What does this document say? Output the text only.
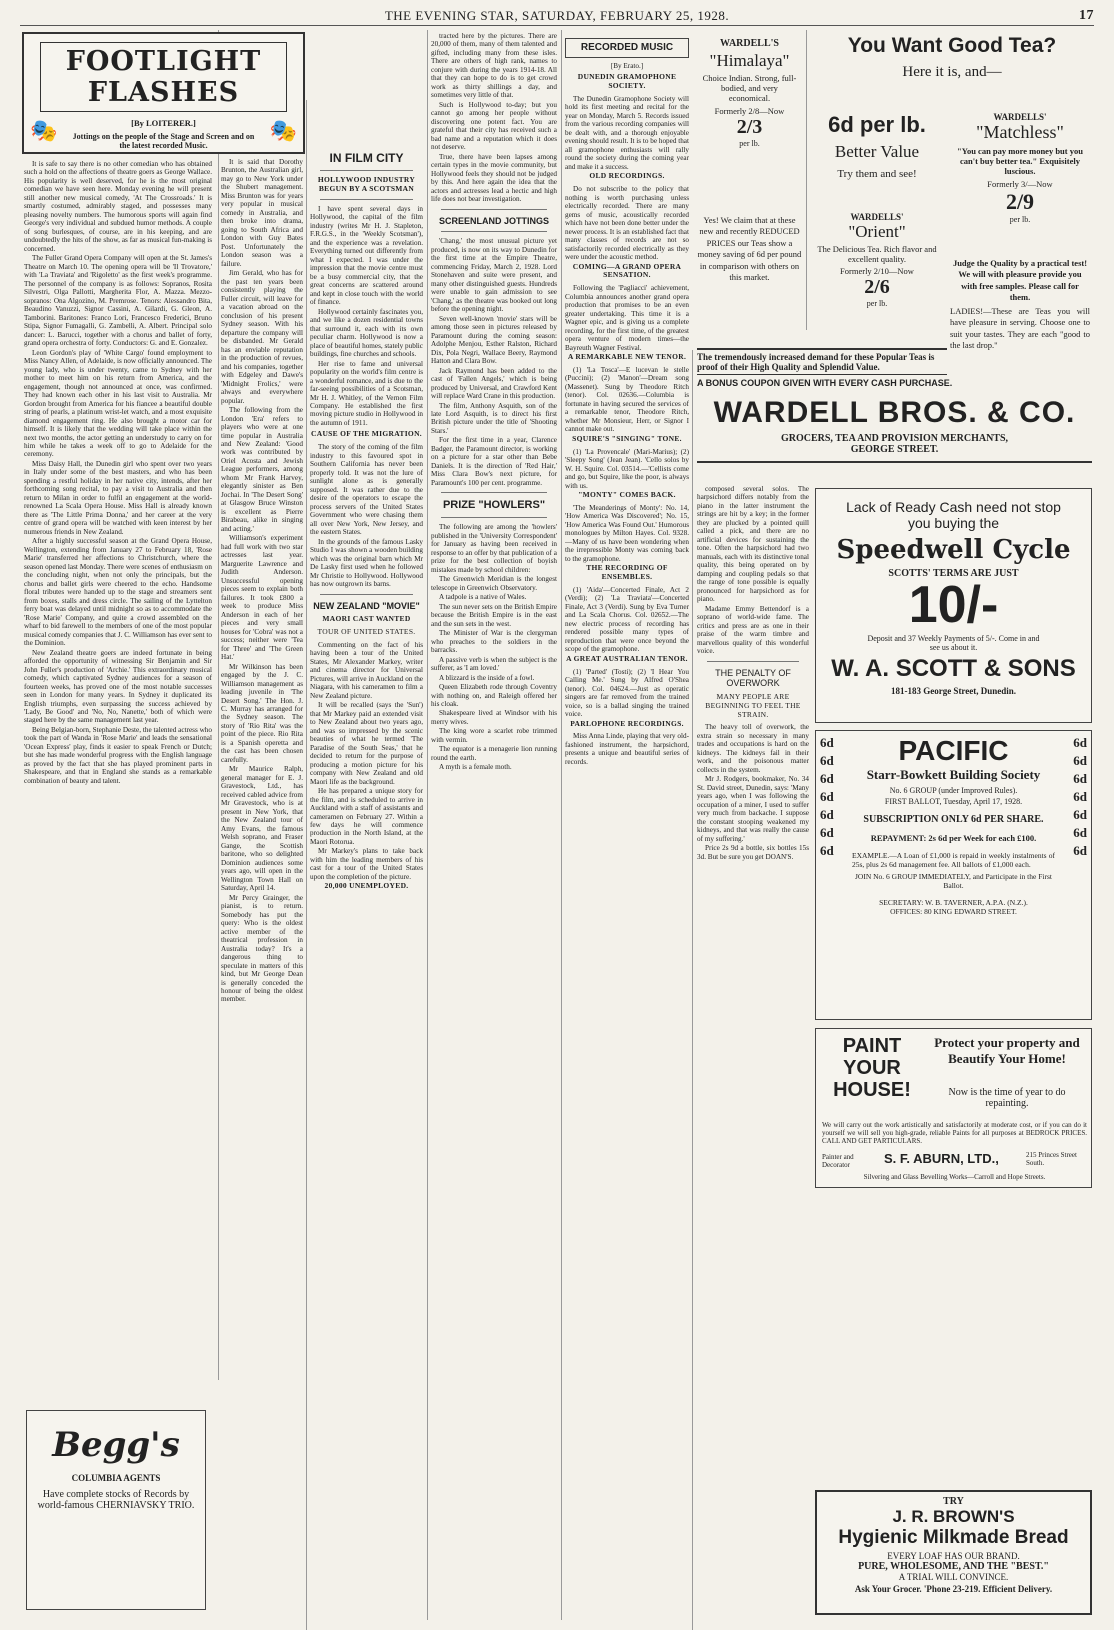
THE EVENING STAR, SATURDAY, FEBRUARY 25, 1928.	17
FOOTLIGHT FLASHES
[By LOITERER.]
Jottings on the people of the Stage and Screen and on the latest recorded Music.
🎭	🎭

It is safe to say there is no other comedian who has obtained such a hold on the affections of theatre goers as George Wallace. His popularity is well deserved, for he is the most original comedian we have seen here. Monday evening he will present still another new musical comedy, 'At The Crossroads.' It is smartly costumed, admirably staged, and possesses many pleasing novelty numbers. The humorous sports will again find George's very individual and subdued humor methods. A couple of song burlesques, of course, are in his keeping, and are undoubtedly the hits of the show, as far as musical fun-making is concerned.

The Fuller Grand Opera Company will open at the St. James's Theatre on March 10. The opening opera will be 'Il Trovatore,' with 'La Traviata' and 'Rigoletto' as the first week's programme. The personnel of the company is as follows: Sopranos, Rosita Silvestri, Olga Pallotti, Margherita Flor, A. Mazza. Mezzo-sopranos: Ona Algozino, M. Premrose. Tenors: Alessandro Bita, Beaudino Vanuzzi, Signor Cassini, A. Gilardi, G. Gleon, A. Tamborini. Baritones: Franco Lori, Francesco Frederici, Bruno Stipa, Signor Fumagalli, G. Zambelli, A. Albert. Principal solo dancer: L. Barucci, together with a chorus and ballet of forty, grand opera orchestra of forty. Conductors: G. and E. Gonzalez.

Leon Gordon's play of 'White Cargo' found employment to Miss Nancy Allen, of Adelaide, is now officially announced. The young lady, who is under twenty, came to Sydney with her mother to meet him on his return from America, and the engagement, though not announced at once, was confirmed. They had known each other in his last visit to Australia. Mr Gordon brought from America for his fiancee a beautiful double string of pearls, a platinum wrist-let watch, and a most exquisite diamond engagement ring. He also brought a motor car for himself. It is likely that the wedding will take place within the next two months, the actor getting an understudy to carry on for him while he takes a week off to go to Adelaide for the ceremony.

Miss Daisy Hall, the Dunedin girl who spent over two years in Italy under some of the best masters, and who has been spending a restful holiday in her native city, intends, after her forthcoming song recital, to pay a visit to Australia and then return to Milan in order to fulfil an engagement at the world-renowned La Scala Opera House. Miss Hall is already known there as 'The Little Prima Donna,' and her career at the very centre of grand opera will be watched with keen interest by her numerous friends in New Zealand.

After a highly successful season at the Grand Opera House, Wellington, extending from January 27 to February 18, 'Rose Marie' transferred her affections to Christchurch, where the season opened last Monday. There were scenes of enthusiasm on the concluding night, when not only the principals, but the chorus and ballet girls were cheered to the echo. Handsome floral tributes were handed up to the stage and streamers sent from boxes, stalls and dress circle. The sailing of the Lyttelton ferry boat was delayed until midnight so as to accommodate the 'Rose Marie' Company, and quite a crowd assembled on the wharf to bid farewell to the members of one of the most popular musical comedy companies that J. C. Williamson has ever sent to the Dominion.

New Zealand theatre goers are indeed fortunate in being afforded the opportunity of witnessing Sir Benjamin and Sir John Fuller's production of 'Archie.' This extraordinary musical comedy, which captivated Sydney audiences for a season of fourteen weeks, has proved one of the most notable successes seen in London for many years. In Sydney it duplicated its English triumphs, even surpassing the success achieved by 'Lady, Be Good' and 'No, No, Nanette,' both of which were staged here by the same management last year.

Being Belgian-born, Stephanie Deste, the talented actress who took the part of Wanda in 'Rose Marie' and leads the sensational 'Ocean Express' play, finds it easier to speak French or Dutch; but she has made wonderful progress with the English language as proved by the fact that she has played prominent parts in Shakespeare, and that in England she stands as a remarkable combination of beauty and talent.

Begg's
COLUMBIA AGENTS
Have complete stocks of Records by world-famous CHERNIAVSKY TRIO.

It is said that Dorothy Brunton, the Australian girl, may go to New York under the Shubert management. Miss Brunton was for years very popular in musical comedy in Australia, and then broke into drama, going to South Africa and London with Guy Bates Post. Unfortunately the London season was a failure.

Jim Gerald, who has for the past ten years been consistently playing the Fuller circuit, will leave for a vacation abroad on the conclusion of his present Sydney season. With his departure the company will be disbanded. Mr Gerald has an enviable reputation in the production of revues, and his companies, together with Edgeley and Dawe's 'Midnight Frolics,' were always and everywhere popular.

The following from the London 'Era' refers to players who were at one time popular in Australia and New Zealand: 'Good work was contributed by Oriel Acosta and Jewish League performers, among whom Mr Frank Harvey, elegantly sinister as Ben Jochai. In 'The Desert Song' at Glasgow Bruce Winston is excellent as Pierre Birabeau, alike in singing and acting.'

Williamson's experiment had full work with two star actresses last year. Marguerite Lawrence and Judith Anderson. Unsuccessful opening pieces seem to explain both failures. It took £800 a week to produce Miss Anderson in each of her pieces and very small houses for 'Cobra' was not a success; neither were 'Tea for Three' and 'The Green Hat.'

Mr Wilkinson has been engaged by the J. C. Williamson management as leading juvenile in 'The Desert Song.' The Hon. J. C. Murray has arranged for the Sydney season. The story of 'Rio Rita' was the point of the piece. Rio Rita is a Spanish operetta and the cast has been chosen carefully.

Mr Maurice Ralph, general manager for E. J. Gravestock, Ltd., has received cabled advice from Mr Gravestock, who is at present in New York, that the New Zealand tour of Amy Evans, the famous Welsh soprano, and Fraser Gange, the Scottish baritone, who so delighted Dominion audiences some years ago, will open in the Wellington Town Hall on Saturday, April 14.

Mr Percy Grainger, the pianist, is to return. Somebody has put the query: Who is the oldest active member of the theatrical profession in Australia today? It's a dangerous thing to speculate in matters of this kind, but Mr George Dean is generally conceded the honour of being the oldest member.

IN FILM CITY
HOLLYWOOD INDUSTRY BEGUN BY A SCOTSMAN

I have spent several days in Hollywood, the capital of the film industry (writes Mr H. J. Stapleton, F.R.G.S., in the 'Weekly Scotsman'), and the experience was a revelation. Everything turned out differently from what I expected. I was under the impression that the movie centre must be a busy commercial city, that the great concerns are scattered around and kept in close touch with the world of finance.

Hollywood certainly fascinates you, and we like a dozen residential towns that surround it, each with its own peculiar charm. Hollywood is now a place of beautiful homes, stately public buildings, fine churches and schools.

Her rise to fame and universal popularity on the world's film centre is a wonderful romance, and is due to the far-seeing possibilities of a Scotsman, Mr H. J. Whitley, of the Vernon Film Company. He established the first moving picture studio in Hollywood in the autumn of 1911.

CAUSE OF THE MIGRATION.

The story of the coming of the film industry to this favoured spot in Southern California has never been properly told. It was not the lure of sunlight alone as is generally supposed. It was rather due to the desire of the operators to escape the process servers of the United States Government who were chasing them all over New York, New Jersey, and the eastern States.

In the grounds of the famous Lasky Studio I was shown a wooden building which was the original barn which Mr De Lasky first used when he followed Mr Christie to Hollywood. Hollywood has now outgrown its barns.

NEW ZEALAND "MOVIE"
MAORI CAST WANTED
TOUR OF UNITED STATES.

Commenting on the fact of his having been a tour of the United States, Mr Alexander Markey, writer and cinema director for Universal Pictures, will arrive in Auckland on the Niagara, with his cameramen to film a New Zealand picture.

It will be recalled (says the 'Sun') that Mr Markey paid an extended visit to New Zealand about two years ago, and was so impressed by the scenic beauties of what he termed 'The Paradise of the South Seas,' that he decided to return for the purpose of producing a motion picture for his company with New Zealand and old Maori life as the background.

He has prepared a unique story for the film, and is scheduled to arrive in Auckland with a staff of assistants and cameramen on February 27. Within a few days he will commence production in the North Island, at the Maori Rotorua.

Mr Markey's plans to take back with him the leading members of his cast for a tour of the United States upon the completion of the picture.

20,000 UNEMPLOYED.

tracted here by the pictures. There are 20,000 of them, many of them talented and gifted, including many from these isles. There are others of high rank, names to conjure with during the years 1914-18. All that they can hope to do is to get crowd work as thirty shillings a day, and sometimes very little of that.

Such is Hollywood to-day; but you cannot go among her people without discovering one potent fact. You are grateful that their city has received such a bad name and a reputation which it does not deserve.

True, there have been lapses among certain types in the movie community, but Hollywood feels they should not be judged by this. And here again the idea that the actors and actresses lead a hectic and high life does not bear investigation.

SCREENLAND JOTTINGS

'Chang,' the most unusual picture yet produced, is now on its way to Dunedin for the first time at the Empire Theatre, commencing Friday, March 2, 1928. Lord Stonehaven and suite were present, and many other distinguished guests. Hundreds were unable to gain admission to see 'Chang,' as the theatre was booked out long before the opening night.

Seven well-known 'movie' stars will be among those seen in pictures released by Paramount during the coming season: Adolphe Menjou, Esther Ralston, Richard Dix, Pola Negri, Wallace Beery, Raymond Hatton and Clara Bow.

Jack Raymond has been added to the cast of 'Fallen Angels,' which is being produced by Universal, and Crawford Kent will replace Ward Crane in this production.

The film, Anthony Asquith, son of the late Lord Asquith, is to direct his first British picture under the title of 'Shooting Stars.'

For the first time in a year, Clarence Badger, the Paramount director, is working on a picture for a star other than Bebe Daniels. It is the direction of 'Red Hair,' Miss Clara Bow's next picture, for Paramount's 100 per cent. programme.

PRIZE "HOWLERS"

The following are among the 'howlers' published in the 'University Correspondent' for January as having been received in response to an offer by that publication of a prize for the best collection of boyish mistakes made by school children:

The Greenwich Meridian is the longest telescope in Greenwich Observatory.

A tadpole is a native of Wales.

The sun never sets on the British Empire because the British Empire is in the east and the sun sets in the west.

The Minister of War is the clergyman who preaches to the soldiers in the barracks.

A passive verb is when the subject is the sufferer, as 'I am loved.'

A blizzard is the inside of a fowl.

Queen Elizabeth rode through Coventry with nothing on, and Raleigh offered her his cloak.

Shakespeare lived at Windsor with his merry wives.

The king wore a scarlet robe trimmed with vermin.

The equator is a menagerie lion running round the earth.

A myth is a female moth.

RECORDED MUSIC
[By Erato.]
DUNEDIN GRAMOPHONE SOCIETY.

The Dunedin Gramophone Society will hold its first meeting and recital for the year on Monday, March 5. Records issued from the various recording companies will be dealt with, and a thorough enjoyable evening should result. It is to be hoped that all gramophone enthusiasts will rally round the society during the coming year and make it a success.

OLD RECORDINGS.

Do not subscribe to the policy that nothing is worth purchasing unless electrically recorded. There are many gems of music, acoustically recorded which have not been done better under the newer process. It is an established fact that many classes of records are not so satisfactorily recorded electrically as they were under the acoustic method.

COMING—A GRAND OPERA SENSATION.

Following the 'Pagliacci' achievement, Columbia announces another grand opera production that promises to be an even greater undertaking. This time it is a Wagner epic, and is giving us a complete recording, for the first time, of the greatest opera venture of modern times—the Bayreuth Wagner Festival.

A REMARKABLE NEW TENOR.

(1) 'La Tosca'—E lucevan le stelle (Puccini); (2) 'Manon'—Dream song (Massenet). Sung by Theodore Ritch (tenor). Col. 02636.—Columbia is fortunate in having secured the services of a remarkable tenor, Theodore Ritch, whether Mr Monsieur, Herr, or Signor I cannot make out.

SQUIRE'S "SINGING" TONE.

(1) 'La Provencale' (Mari-Marius); (2) 'Sleepy Song' (Jean Jean). 'Cello solos by W. H. Squire. Col. 03514.—'Cellists come and go, but Squire, like the poor, is always with us.

"MONTY" COMES BACK.

'The Meanderings of Monty': No. 14, 'How America Was Discovered'; No. 15, 'How America Was Found Out.' Humorous monologues by Milton Hayes. Col. 9328.—Many of us have been wondering when the irrepressible Monty was coming back to the gramophone.

THE RECORDING OF ENSEMBLES.

(1) 'Aida'—Concerted Finale, Act 2 (Verdi); (2) 'La Traviata'—Concerted Finale, Act 3 (Verdi). Sung by Eva Turner and La Scala Chorus. Col. 02652.—The new electric process of recording has rendered possible many types of reproduction that were once beyond the scope of the gramophone.

A GREAT AUSTRALIAN TENOR.

(1) 'Parted' (Tosti); (2) 'I Hear You Calling Me.' Sung by Alfred O'Shea (tenor). Col. 04624.—Just as operatic singers are far removed from the trained voice, so is a ballad singing the trained voice.

PARLOPHONE RECORDINGS.

Miss Anna Linde, playing that very old-fashioned instrument, the harpsichord, presents a unique and beautiful series of records.

WARDELL'S
"Himalaya"
Choice Indian. Strong, full-bodied, and very economical.
Formerly 2/8—Now
2/3
per lb.
You Want Good Tea?
Here it is, and—
6d per lb.
Better Value
Try them and see!
WARDELLS'
"Matchless"
"You can pay more money but you can't buy better tea." Exquisitely luscious.
Formerly 3/—Now
2/9
per lb.
Yes! We claim that at these new and recently REDUCED PRICES our Teas show a money saving of 6d per pound in comparison with others on this market.
WARDELLS'
"Orient"
The Delicious Tea. Rich flavor and excellent quality.
Formerly 2/10—Now
2/6
per lb.
Judge the Quality by a practical test! We will with pleasure provide you with free samples. Please call for them.
LADIES!—These are Teas you will have pleasure in serving. Choose one to suit your tastes. They are each "good to the last drop."
The tremendously increased demand for these Popular Teas is proof of their High Quality and Splendid Value.
A BONUS COUPON GIVEN WITH EVERY CASH PURCHASE.
WARDELL BROS. & CO.
GROCERS, TEA AND PROVISION MERCHANTS,
GEORGE STREET.

composed several solos. The harpsichord differs notably from the piano in the latter instrument the strings are hit by a key; in the former they are plucked by a pointed quill called a pick, and there are no artificial devices for sustaining the tone. Often the harpsichord had two manuals, each with its distinctive tonal quality, this being operated on by damping and coupling pedals so that the range of tone possible is equally pronounced for harpsichord as for piano.

Madame Emmy Bettendorf is a soprano of world-wide fame. The critics and press are as one in their praise of the warm timbre and marvellous quality of this wonderful voice.

THE PENALTY OF OVERWORK
MANY PEOPLE ARE BEGINNING TO FEEL THE STRAIN.

The heavy toll of overwork, the extra strain so necessary in many trades and occupations is hard on the kidneys. The kidneys fail in their work, and the poisonous matter collects in the system.

Mr J. Rodgers, bookmaker, No. 34 St. David street, Dunedin, says: 'Many years ago, when I was following the occupation of a miner, I used to suffer very much from backache. I suppose the constant stooping weakened my kidneys, and that was really the cause of my suffering.'

Price 2s 9d a bottle, six bottles 15s 3d. But be sure you get DOAN'S.

Lack of Ready Cash need not stop you buying the
Speedwell Cycle
SCOTTS' TERMS ARE JUST
10/-
Deposit and 37 Weekly Payments of 5/-. Come in and see us about it.
W. A. SCOTT & SONS
181-183 George Street, Dunedin.
6d
6d
6d
6d
6d
6d
6d
6d
6d
6d
6d
6d
6d
6d
PACIFIC
Starr-Bowkett Building Society
No. 6 GROUP (under Improved Rules).
FIRST BALLOT, Tuesday, April 17, 1928.
SUBSCRIPTION ONLY 6d PER SHARE.
REPAYMENT: 2s 6d per Week for each £100.
EXAMPLE.—A Loan of £1,000 is repaid in weekly instalments of 25s, plus 2s 6d management fee. All ballots of £1,000 each.
JOIN No. 6 GROUP IMMEDIATELY, and Participate in the First Ballot.
SECRETARY: W. B. TAVERNER, A.P.A. (N.Z.).
OFFICES: 80 KING EDWARD STREET.
PAINT YOUR HOUSE!
Protect your property and Beautify Your Home!
Now is the time of year to do repainting.
We will carry out the work artistically and satisfactorily at moderate cost, or if you can do it yourself we will sell you high-grade, reliable Paints for all purposes at BEDROCK PRICES. CALL AND GET PARTICULARS.
Painter and Decorator	S. F. ABURN, LTD.,	215 Princes Street South.
Silvering and Glass Bevelling Works—Carroll and Hope Streets.
TRY
J. R. BROWN'S
Hygienic Milkmade Bread
EVERY LOAF HAS OUR BRAND.
PURE, WHOLESOME, AND THE "BEST."
A TRIAL WILL CONVINCE.
Ask Your Grocer. 'Phone 23-219. Efficient Delivery.
